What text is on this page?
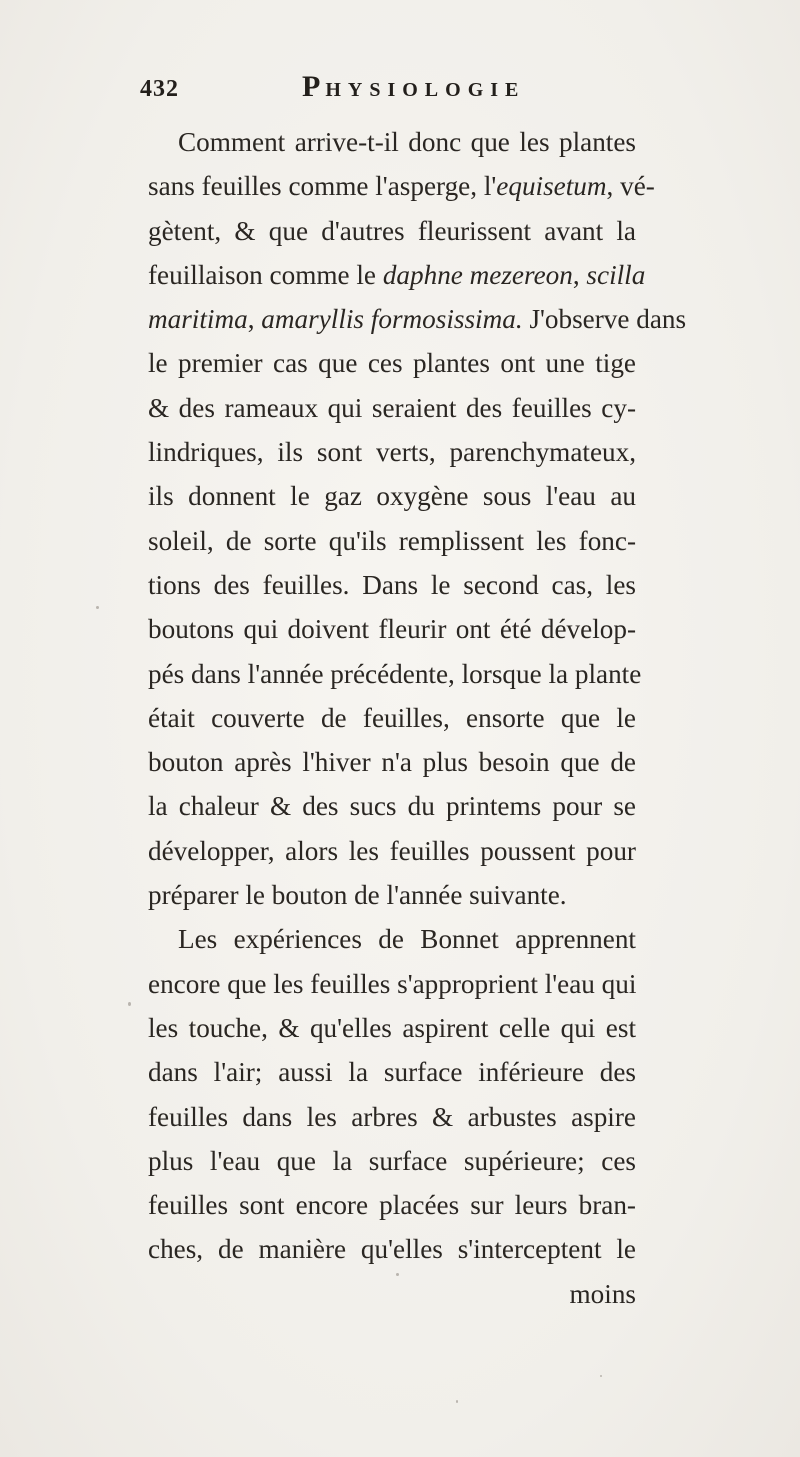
432	PHYSIOLOGIE
Comment arrive-t-il donc que les plantes
sans feuilles comme l'asperge, l'equisetum, vé-
gètent, & que d'autres fleurissent avant la
feuillaison comme le daphne mezereon, scilla
maritima, amaryllis formosissima. J'observe dans
le premier cas que ces plantes ont une tige
& des rameaux qui seraient des feuilles cy-
lindriques, ils sont verts, parenchymateux,
ils donnent le gaz oxygène sous l'eau au
soleil, de sorte qu'ils remplissent les fonc-
tions des feuilles. Dans le second cas, les
boutons qui doivent fleurir ont été dévelop-
pés dans l'année précédente, lorsque la plante
était couverte de feuilles, ensorte que le
bouton après l'hiver n'a plus besoin que de
la chaleur & des sucs du printems pour se
développer, alors les feuilles poussent pour
préparer le bouton de l'année suivante.
Les expériences de Bonnet apprennent
encore que les feuilles s'approprient l'eau qui
les touche, & qu'elles aspirent celle qui est
dans l'air; aussi la surface inférieure des
feuilles dans les arbres & arbustes aspire
plus l'eau que la surface supérieure; ces
feuilles sont encore placées sur leurs bran-
ches, de manière qu'elles s'interceptent le
moins
